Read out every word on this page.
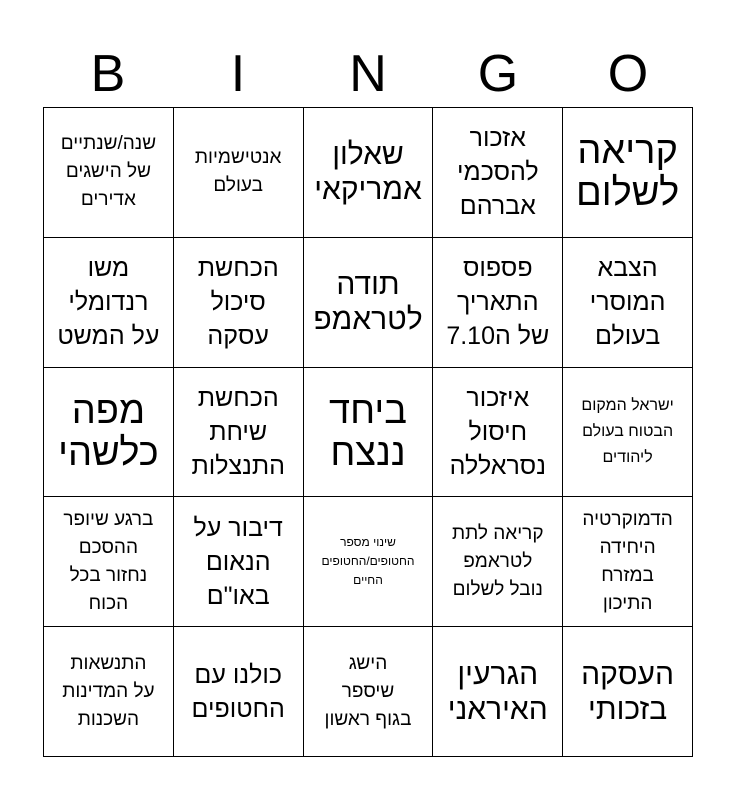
B	I	N	G	O
שנה/שנתיים
של הישגים
אדירים
אנטישמיות
בעולם
שאלון
אמריקאי
אזכור
להסכמי
אברהם
קריאה
לשלום
משו
רנדומלי
על המשט
הכחשת
סיכול
עסקה
תודה
לטראמפ
פספוס
התאריך
של ה7.10
הצבא
המוסרי
בעולם
מפה
כלשהי
הכחשת
שיחת
התנצלות
ביחד
ננצח
איזכור
חיסול
נסראללה
ישראל המקום
הבטוח בעולם
ליהודים
ברגע שיופר
ההסכם
נחזור בכל
הכוח
דיבור על
הנאום
באו"ם
שינוי מספר
החטופים/החטופים
החיים
קריאה לתת
לטראמפ
נובל לשלום
הדמוקרטיה
היחידה
במזרח
התיכון
התנשאות
על המדינות
השכנות
כולנו עם
החטופים
הישג
שיספר
בגוף ראשון
הגרעין
האיראני
העסקה
בזכותי
